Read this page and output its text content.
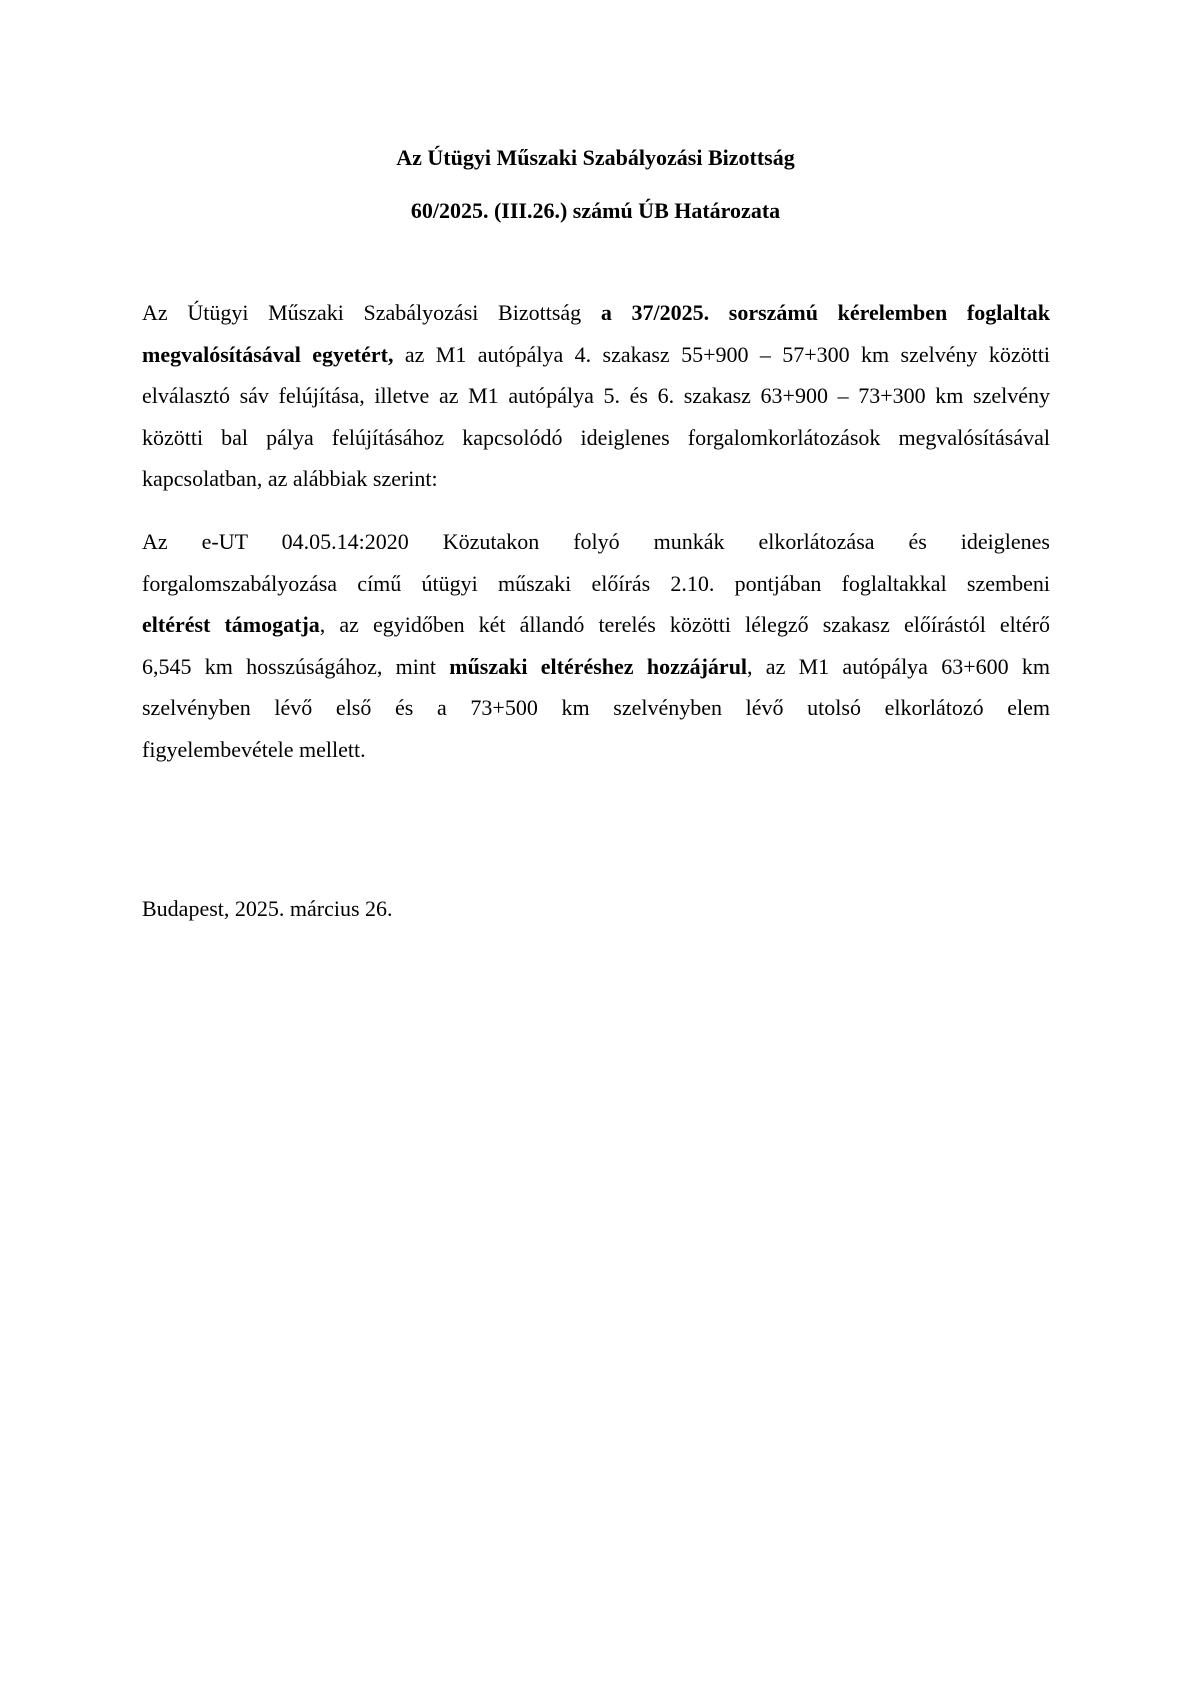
Az Útügyi Műszaki Szabályozási Bizottság
60/2025. (III.26.) számú ÚB Határozata
Az Útügyi Műszaki Szabályozási Bizottság a 37/2025. sorszámú kérelemben foglaltak
megvalósításával egyetért, az M1 autópálya 4. szakasz 55+900 – 57+300 km szelvény közötti
elválasztó sáv felújítása, illetve az M1 autópálya 5. és 6. szakasz 63+900 – 73+300 km szelvény
közötti bal pálya felújításához kapcsolódó ideiglenes forgalomkorlátozások megvalósításával
kapcsolatban, az alábbiak szerint:
Az e-UT 04.05.14:2020 Közutakon folyó munkák elkorlátozása és ideiglenes
forgalomszabályozása című útügyi műszaki előírás 2.10. pontjában foglaltakkal szembeni
eltérést támogatja, az egyidőben két állandó terelés közötti lélegző szakasz előírástól eltérő
6,545 km hosszúságához, mint műszaki eltéréshez hozzájárul, az M1 autópálya 63+600 km
szelvényben lévő első és a 73+500 km szelvényben lévő utolsó elkorlátozó elem
figyelembevétele mellett.

Budapest, 2025. március 26.
